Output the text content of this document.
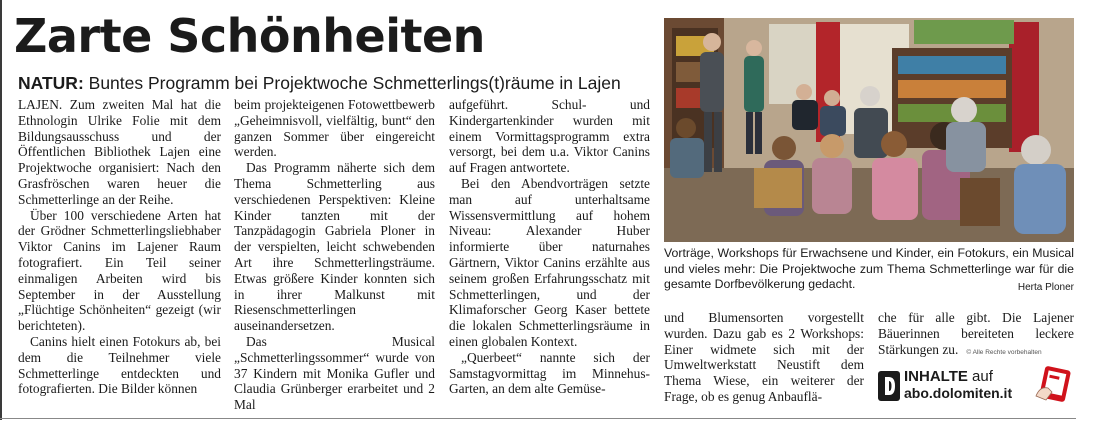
Zarte Schönheiten
NATUR: Buntes Programm bei Projektwoche Schmetterlings(t)räume in Lajen

LAJEN. Zum zweiten Mal hat die Ethnologin Ulrike Folie mit dem Bildungsausschuss und der Öffentlichen Bibliothek Lajen eine Projektwoche organisiert: Nach den Grasfröschen waren heuer die Schmetterlinge an der Reihe.

Über 100 verschiedene Arten hat der Grödner Schmetterlingsliebhaber Viktor Canins im Lajener Raum fotografiert. Ein Teil seiner einmaligen Arbeiten wird bis September in der Ausstellung „Flüchtige Schönheiten“ gezeigt (wir berichteten).

Canins hielt einen Fotokurs ab, bei dem die Teilnehmer viele Schmetterlinge entdeckten und fotografierten. Die Bilder können

beim projekteigenen Fotowettbewerb „Geheimnisvoll, vielfältig, bunt“ den ganzen Sommer über eingereicht werden.

Das Programm näherte sich dem Thema Schmetterling aus verschiedenen Perspektiven: Kleine Kinder tanzten mit der Tanzpädagogin Gabriela Ploner in der verspielten, leicht schwebenden Art ihre Schmetterlingsträume. Etwas größere Kinder konnten sich in ihrer Malkunst mit Riesenschmetterlingen auseinandersetzen.

Das Musical „Schmetterlingssommer“ wurde von 37 Kindern mit Monika Gufler und Claudia Grünberger erarbeitet und 2 Mal

aufgeführt. Schul- und Kindergartenkinder wurden mit einem Vormittagsprogramm extra versorgt, bei dem u.a. Viktor Canins auf Fragen antwortete.

Bei den Abendvorträgen setzte man auf unterhaltsame Wissensvermittlung auf hohem Niveau: Alexander Huber informierte über naturnahes Gärtnern, Viktor Canins erzählte aus seinem großen Erfahrungsschatz mit Schmetterlingen, und der Klimaforscher Georg Kaser bettete die lokalen Schmetterlingsräume in einen globalen Kontext.

„Querbeet“ nannte sich der Samstagvormittag im Minnehus-Garten, an dem alte Gemüse-

Vorträge, Workshops für Erwachsene und Kinder, ein Fotokurs, ein Musical und vieles mehr: Die Projektwoche zum Thema Schmetterlinge war für die gesamte Dorfbevölkerung gedacht.	Herta Ploner

und Blumensorten vorgestellt wurden. Dazu gab es 2 Workshops: Einer widmete sich mit der Umweltwerkstatt Neustift dem Thema Wiese, ein weiterer der Frage, ob es genug Anbauflä-

che für alle gibt. Die Lajener Bäuerinnen bereiteten leckere Stärkungen zu. © Alle Rechte vorbehalten

INHALTE auf
abo.dolomiten.it
